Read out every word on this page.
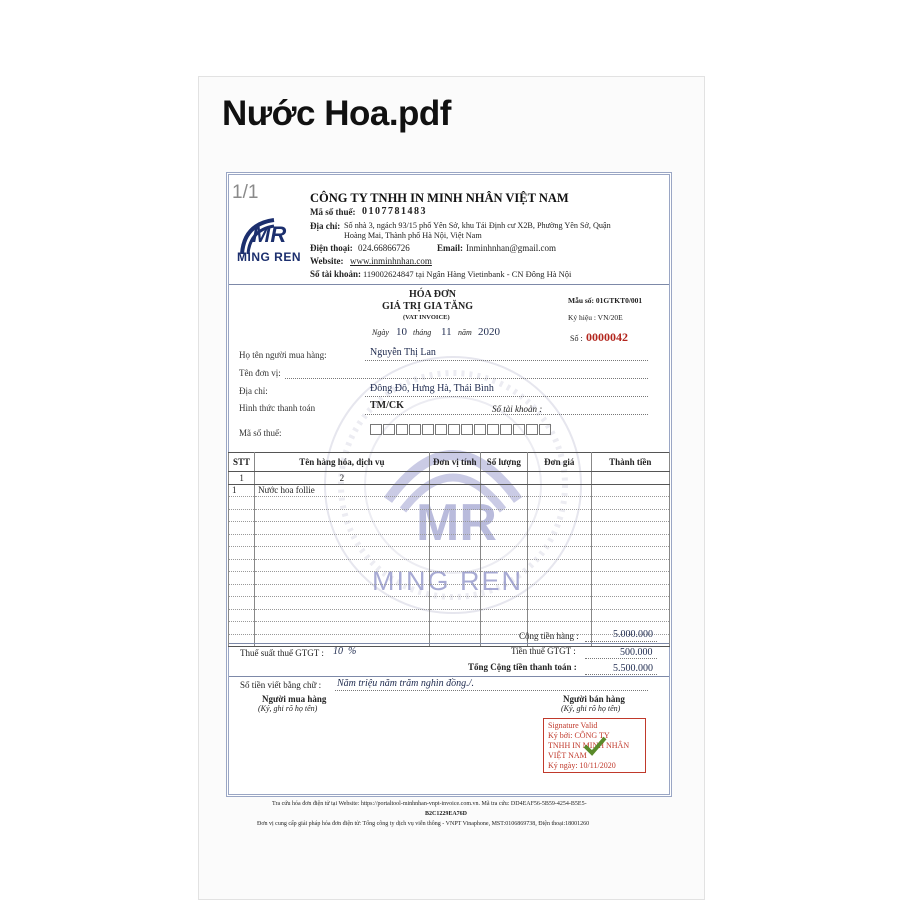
Nước Hoa.pdf
MR
MING REN
1/1
MR
MING REN
CÔNG TY TNHH IN MINH NHÂN VIỆT NAM
Mã số thuế: 0107781483
Địa chỉ: Số nhà 3, ngách 93/15 phố Yên Sở, khu Tái Định cư X2B, Phường Yên Sở, Quận
Hoàng Mai, Thành phố Hà Nội, Việt Nam
Điện thoại: 024.66866726	Email: Inminhnhan@gmail.com
Website: www.inminhnhan.com
Số tài khoản: 119002624847 tại Ngân Hàng Vietinbank - CN Đông Hà Nội
HÓA ĐƠN
GIÁ TRỊ GIA TĂNG
(VAT INVOICE)
Ngày 10 tháng 11 năm 2020
Mẫu số: 01GTKT0/001
Ký hiệu : VN/20E
Số : 0000042
Họ tên người mua hàng:	Nguyễn Thị Lan
Tên đơn vị:
Địa chỉ:	Đông Đô, Hưng Hà, Thái Bình
Hình thức thanh toán	TM/CK	Số tài khoản :
Mã số thuế:
STT	Tên hàng hóa, dịch vụ	Đơn vị tính	Số lượng	Đơn giá	Thành tiền
1	2				
1	Nước hoa follie				

Cộng tiền hàng :	5.000.000
Thuế suất thuế GTGT : 10 %	Tiền thuế GTGT :	500.000
Tổng Cộng tiền thanh toán :	5.500.000
Số tiền viết bằng chữ : Năm triệu năm trăm nghìn đồng./.
Người mua hàng
(Ký, ghi rõ họ tên)
Người bán hàng
(Ký, ghi rõ họ tên)
Signature Valid
Ký bởi: CÔNG TY
TNHH IN MINH NHÂN
VIỆT NAM
Ký ngày: 10/11/2020
Tra cứu hóa đơn điện tử tại Website: https://portaltool-minhnhan-vnpt-invoice.com.vn. Mã tra cứu: DD4EAF56-5B59-4254-B5E5-
B2C1229EA76D
Đơn vị cung cấp giải pháp hóa đơn điện tử: Tổng công ty dịch vụ viễn thông - VNPT Vinaphone, MST:0106869738, Điện thoại:18001260
